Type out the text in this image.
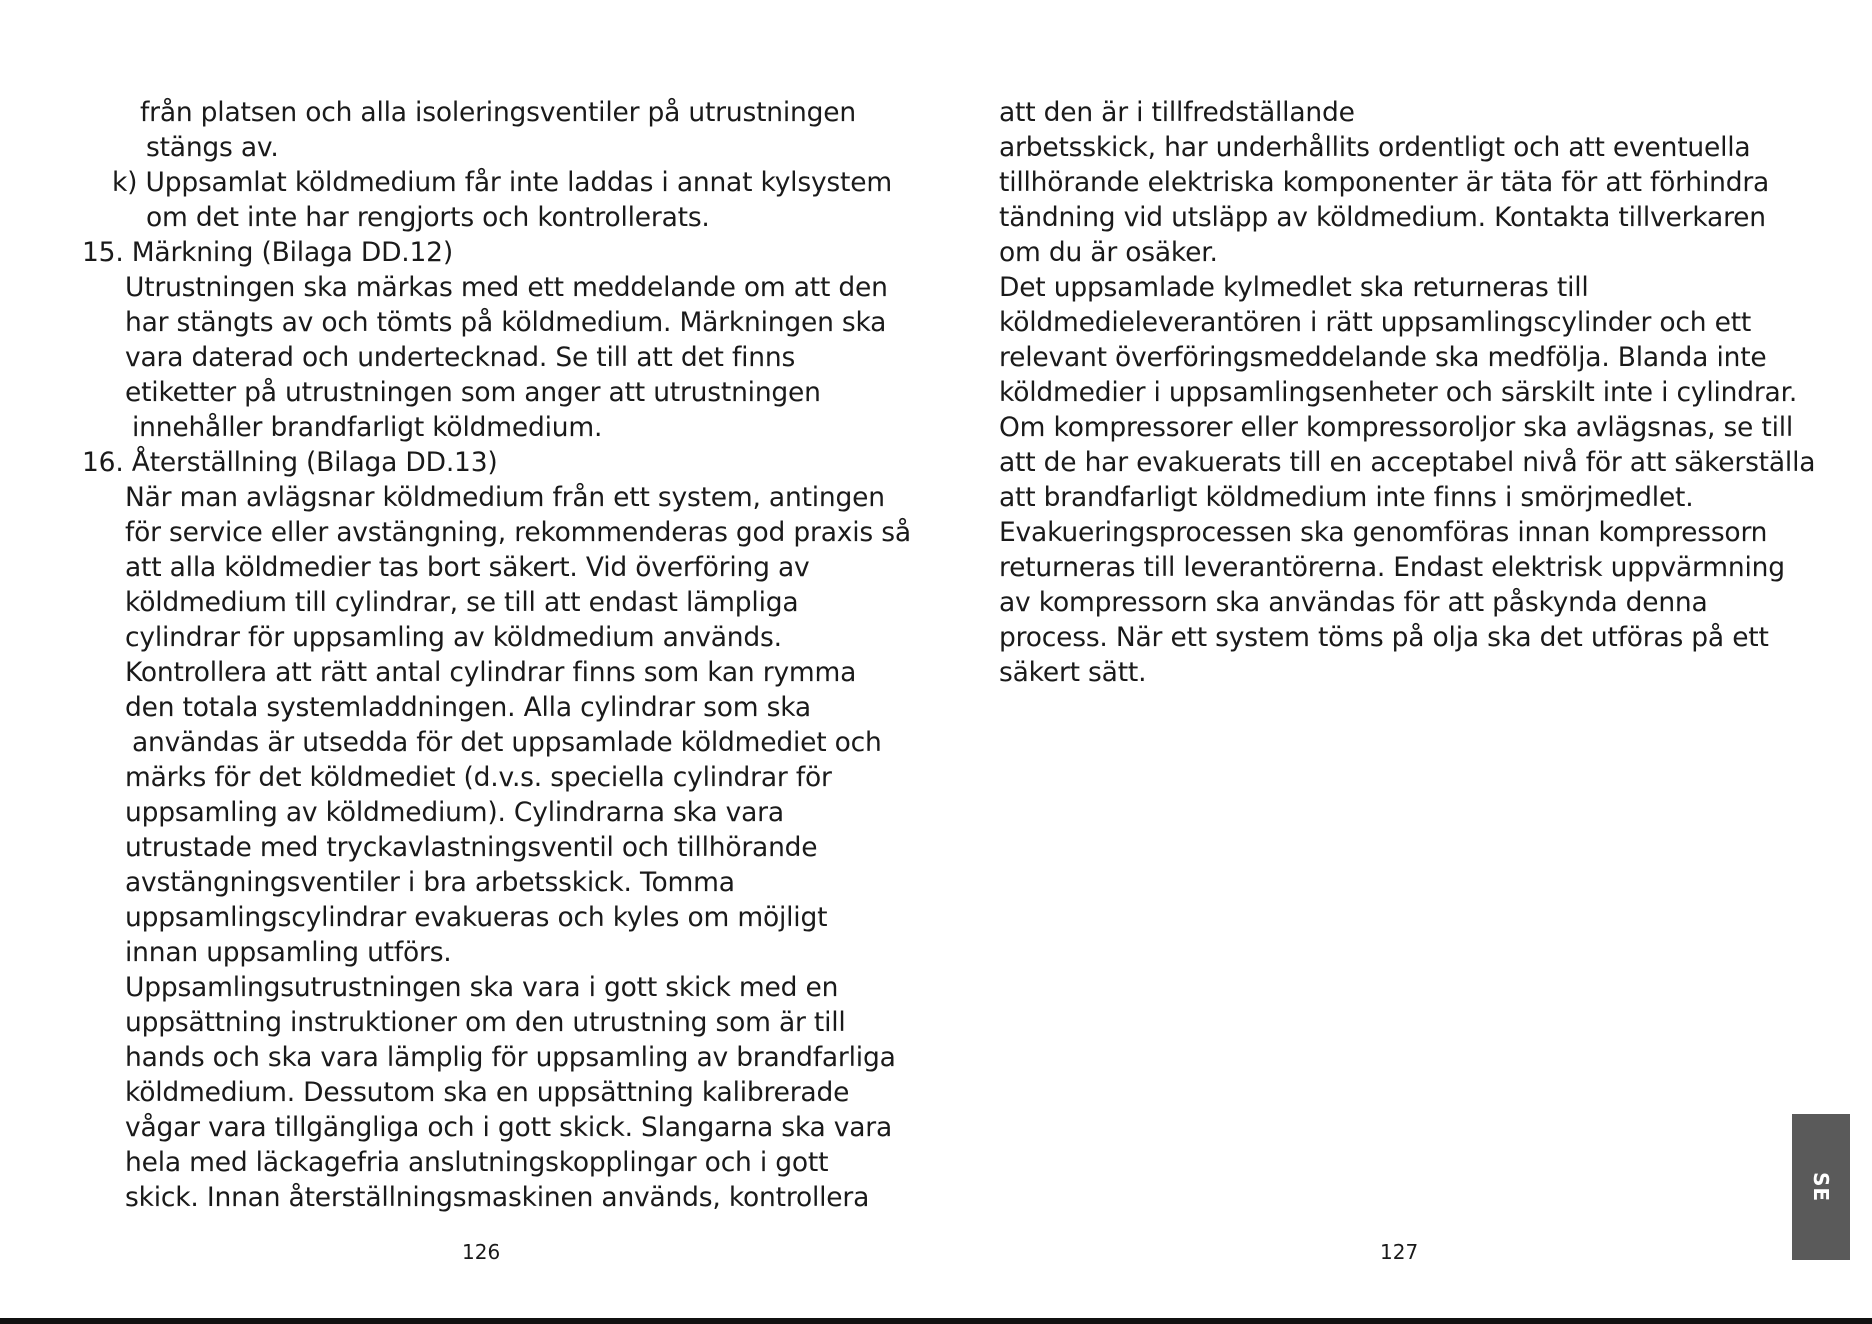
från platsen och alla isoleringsventiler på utrustningen
stängs av.
k) Uppsamlat köldmedium får inte laddas i annat kylsystem
om det inte har rengjorts och kontrollerats.
15. Märkning (Bilaga DD.12)
Utrustningen ska märkas med ett meddelande om att den
har stängts av och tömts på köldmedium. Märkningen ska
vara daterad och undertecknad. Se till att det finns
etiketter på utrustningen som anger att utrustningen
innehåller brandfarligt köldmedium.
16. Återställning (Bilaga DD.13)
När man avlägsnar köldmedium från ett system, antingen
för service eller avstängning, rekommenderas god praxis så
att alla köldmedier tas bort säkert. Vid överföring av
köldmedium till cylindrar, se till att endast lämpliga
cylindrar för uppsamling av köldmedium används.
Kontrollera att rätt antal cylindrar finns som kan rymma
den totala systemladdningen. Alla cylindrar som ska
användas är utsedda för det uppsamlade köldmediet och
märks för det köldmediet (d.v.s. speciella cylindrar för
uppsamling av köldmedium). Cylindrarna ska vara
utrustade med tryckavlastningsventil och tillhörande
avstängningsventiler i bra arbetsskick. Tomma
uppsamlingscylindrar evakueras och kyles om möjligt
innan uppsamling utförs.
Uppsamlingsutrustningen ska vara i gott skick med en
uppsättning instruktioner om den utrustning som är till
hands och ska vara lämplig för uppsamling av brandfarliga
köldmedium. Dessutom ska en uppsättning kalibrerade
vågar vara tillgängliga och i gott skick. Slangarna ska vara
hela med läckagefria anslutningskopplingar och i gott
skick. Innan återställningsmaskinen används, kontrollera
126
att den är i tillfredställande
arbetsskick, har underhållits ordentligt och att eventuella
tillhörande elektriska komponenter är täta för att förhindra
tändning vid utsläpp av köldmedium. Kontakta tillverkaren
om du är osäker.
Det uppsamlade kylmedlet ska returneras till
köldmedieleverantören i rätt uppsamlingscylinder och ett
relevant överföringsmeddelande ska medfölja. Blanda inte
köldmedier i uppsamlingsenheter och särskilt inte i cylindrar.
Om kompressorer eller kompressoroljor ska avlägsnas, se till
att de har evakuerats till en acceptabel nivå för att säkerställa
att brandfarligt köldmedium inte finns i smörjmedlet.
Evakueringsprocessen ska genomföras innan kompressorn
returneras till leverantörerna. Endast elektrisk uppvärmning
av kompressorn ska användas för att påskynda denna
process. När ett system töms på olja ska det utföras på ett
säkert sätt.
127
SE
